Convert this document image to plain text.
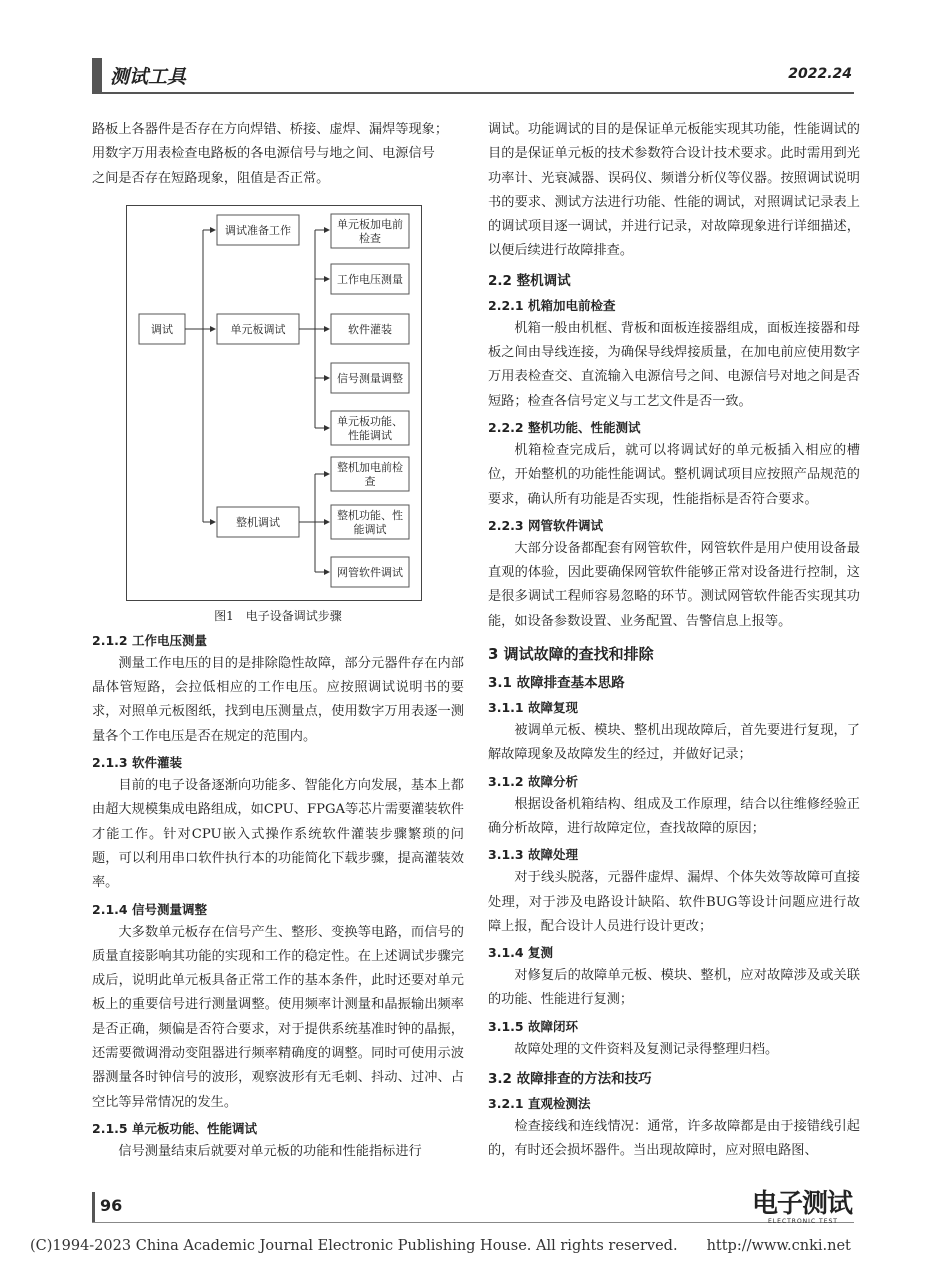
测试工具	2022.24

路板上各器件是否存在方向焊错、桥接、虚焊、漏焊等现象；

用数字万用表检查电路板的各电源信号与地之间、电源信号

之间是否存在短路现象，阻值是否正常。

调试
调试准备工作
单元板调试
整机调试
单元板加电前
检查
工作电压测量
软件灌装
信号测量调整
单元板功能、
性能调试
整机加电前检
查
整机功能、性
能调试
网管软件调试
图1　电子设备调试步骤
2.1.2 工作电压测量

测量工作电压的目的是排除隐性故障，部分元器件存在内部晶体管短路，会拉低相应的工作电压。应按照调试说明书的要求，对照单元板图纸，找到电压测量点，使用数字万用表逐一测量各个工作电压是否在规定的范围内。

2.1.3 软件灌装

目前的电子设备逐渐向功能多、智能化方向发展，基本上都由超大规模集成电路组成，如CPU、FPGA等芯片需要灌装软件才能工作。针对CPU嵌入式操作系统软件灌装步骤繁琐的问题，可以利用串口软件执行本的功能简化下载步骤，提高灌装效率。

2.1.4 信号测量调整

大多数单元板存在信号产生、整形、变换等电路，而信号的质量直接影响其功能的实现和工作的稳定性。在上述调试步骤完成后，说明此单元板具备正常工作的基本条件，此时还要对单元板上的重要信号进行测量调整。使用频率计测量和晶振输出频率是否正确，频偏是否符合要求，对于提供系统基准时钟的晶振，还需要微调滑动变阻器进行频率精确度的调整。同时可使用示波器测量各时钟信号的波形，观察波形有无毛刺、抖动、过冲、占空比等异常情况的发生。

2.1.5 单元板功能、性能调试

信号测量结束后就要对单元板的功能和性能指标进行

调试。功能调试的目的是保证单元板能实现其功能，性能调试的目的是保证单元板的技术参数符合设计技术要求。此时需用到光功率计、光衰减器、误码仪、频谱分析仪等仪器。按照调试说明书的要求、测试方法进行功能、性能的调试，对照调试记录表上的调试项目逐一调试，并进行记录，对故障现象进行详细描述，以便后续进行故障排查。

2.2 整机调试
2.2.1 机箱加电前检查

机箱一般由机框、背板和面板连接器组成，面板连接器和母板之间由导线连接，为确保导线焊接质量，在加电前应使用数字万用表检查交、直流输入电源信号之间、电源信号对地之间是否短路；检查各信号定义与工艺文件是否一致。

2.2.2 整机功能、性能测试

机箱检查完成后，就可以将调试好的单元板插入相应的槽位，开始整机的功能性能调试。整机调试项目应按照产品规范的要求，确认所有功能是否实现，性能指标是否符合要求。

2.2.3 网管软件调试

大部分设备都配套有网管软件，网管软件是用户使用设备最直观的体验，因此要确保网管软件能够正常对设备进行控制，这是很多调试工程师容易忽略的环节。测试网管软件能否实现其功能，如设备参数设置、业务配置、告警信息上报等。

3 调试故障的查找和排除
3.1 故障排查基本思路
3.1.1 故障复现

被调单元板、模块、整机出现故障后，首先要进行复现，了解故障现象及故障发生的经过，并做好记录；

3.1.2 故障分析

根据设备机箱结构、组成及工作原理，结合以往维修经验正确分析故障，进行故障定位，查找故障的原因；

3.1.3 故障处理

对于线头脱落，元器件虚焊、漏焊、个体失效等故障可直接处理，对于涉及电路设计缺陷、软件BUG等设计问题应进行故障上报，配合设计人员进行设计更改；

3.1.4 复测

对修复后的故障单元板、模块、整机，应对故障涉及或关联的功能、性能进行复测；

3.1.5 故障闭环

故障处理的文件资料及复测记录得整理归档。

3.2 故障排查的方法和技巧
3.2.1 直观检测法

检查接线和连线情况：通常，许多故障都是由于接错线引起的，有时还会损坏器件。当出现故障时，应对照电路图、

96	电子测试
ELECTRONIC TEST
(C)1994-2023 China Academic Journal Electronic Publishing House. All rights reserved.　　http://www.cnki.net
